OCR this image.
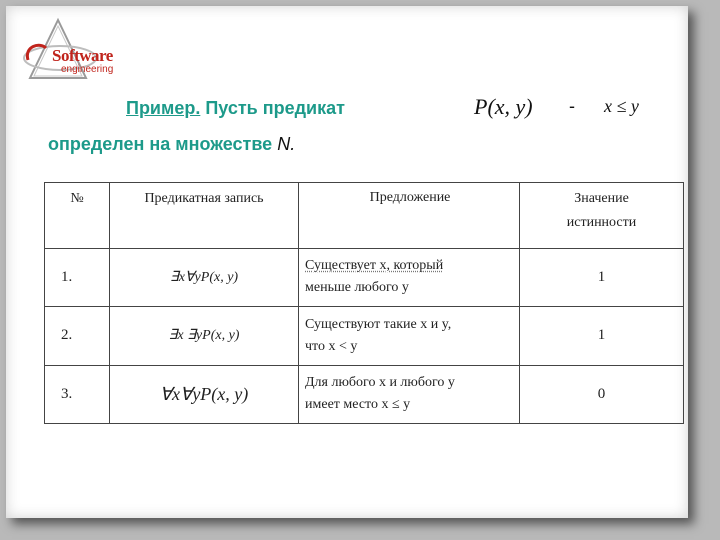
Software
engineering
Пример. Пусть предикат	P(x, y) - x ≤ y
определен на множестве N.
№	Предикатная запись	Предложение	Значение
истинности

1.	∃x∀yP(x, y)	Существует x, который
меньше любого y	1
2.	∃x ∃yP(x, y)	Существуют такие x и y,
что x < y	1
3.	∀x∀yP(x, y)	Для любого x и любого y
имеет место x ≤ y	0
